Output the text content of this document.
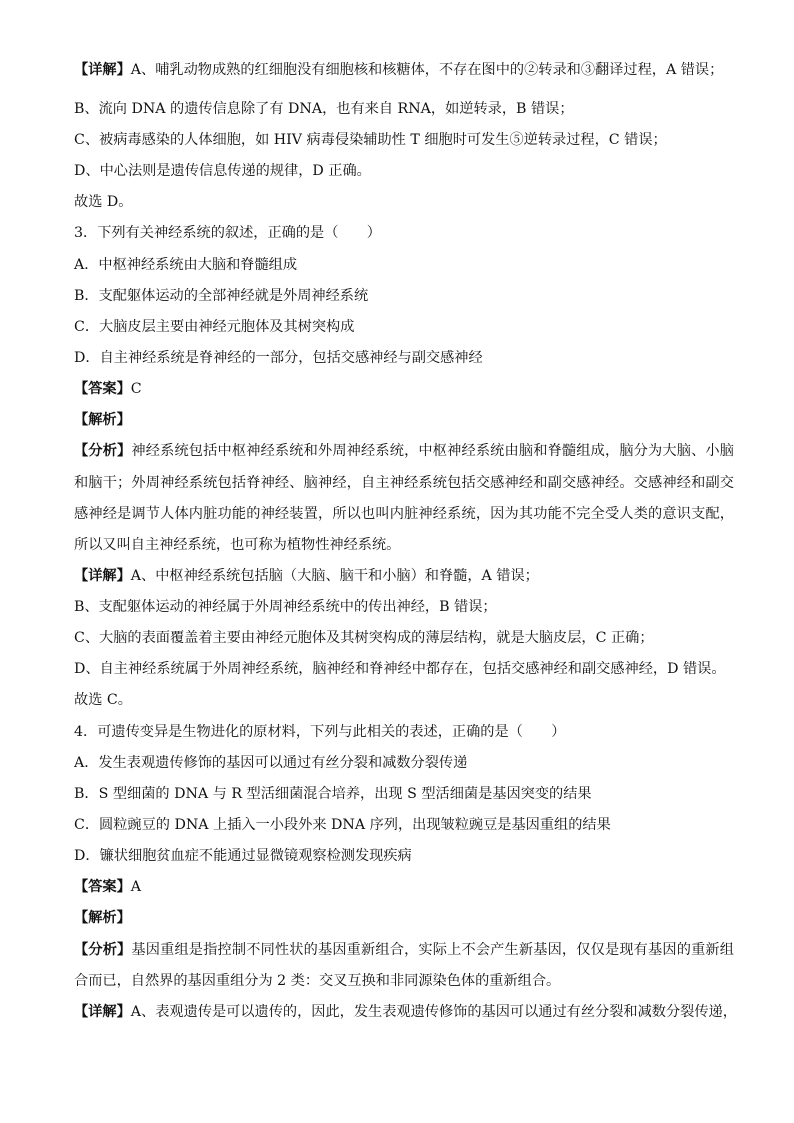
【详解】A、哺乳动物成熟的红细胞没有细胞核和核糖体，不存在图中的②转录和③翻译过程，A 错误；
B、流向 DNA 的遗传信息除了有 DNA，也有来自 RNA，如逆转录，B 错误；
C、被病毒感染的人体细胞，如 HIV 病毒侵染辅助性 T 细胞时可发生⑤逆转录过程，C 错误；
D、中心法则是遗传信息传递的规律，D 正确。
故选 D。
3．下列有关神经系统的叙述，正确的是（　　）
A．中枢神经系统由大脑和脊髓组成
B．支配躯体运动的全部神经就是外周神经系统
C．大脑皮层主要由神经元胞体及其树突构成
D．自主神经系统是脊神经的一部分，包括交感神经与副交感神经
【答案】C
【解析】
【分析】神经系统包括中枢神经系统和外周神经系统，中枢神经系统由脑和脊髓组成，脑分为大脑、小脑
和脑干；外周神经系统包括脊神经、脑神经，自主神经系统包括交感神经和副交感神经。交感神经和副交
感神经是调节人体内脏功能的神经装置，所以也叫内脏神经系统，因为其功能不完全受人类的意识支配，
所以又叫自主神经系统，也可称为植物性神经系统。
【详解】A、中枢神经系统包括脑（大脑、脑干和小脑）和脊髓，A 错误；
B、支配躯体运动的神经属于外周神经系统中的传出神经，B 错误；
C、大脑的表面覆盖着主要由神经元胞体及其树突构成的薄层结构，就是大脑皮层，C 正确；
D、自主神经系统属于外周神经系统，脑神经和脊神经中都存在，包括交感神经和副交感神经，D 错误。
故选 C。
4．可遗传变异是生物进化的原材料，下列与此相关的表述，正确的是（　　）
A．发生表观遗传修饰的基因可以通过有丝分裂和减数分裂传递
B．S 型细菌的 DNA 与 R 型活细菌混合培养，出现 S 型活细菌是基因突变的结果
C．圆粒豌豆的 DNA 上插入一小段外来 DNA 序列，出现皱粒豌豆是基因重组的结果
D．镰状细胞贫血症不能通过显微镜观察检测发现疾病
【答案】A
【解析】
【分析】基因重组是指控制不同性状的基因重新组合，实际上不会产生新基因，仅仅是现有基因的重新组
合而已，自然界的基因重组分为 2 类：交叉互换和非同源染色体的重新组合。
【详解】A、表观遗传是可以遗传的，因此，发生表观遗传修饰的基因可以通过有丝分裂和减数分裂传递，
